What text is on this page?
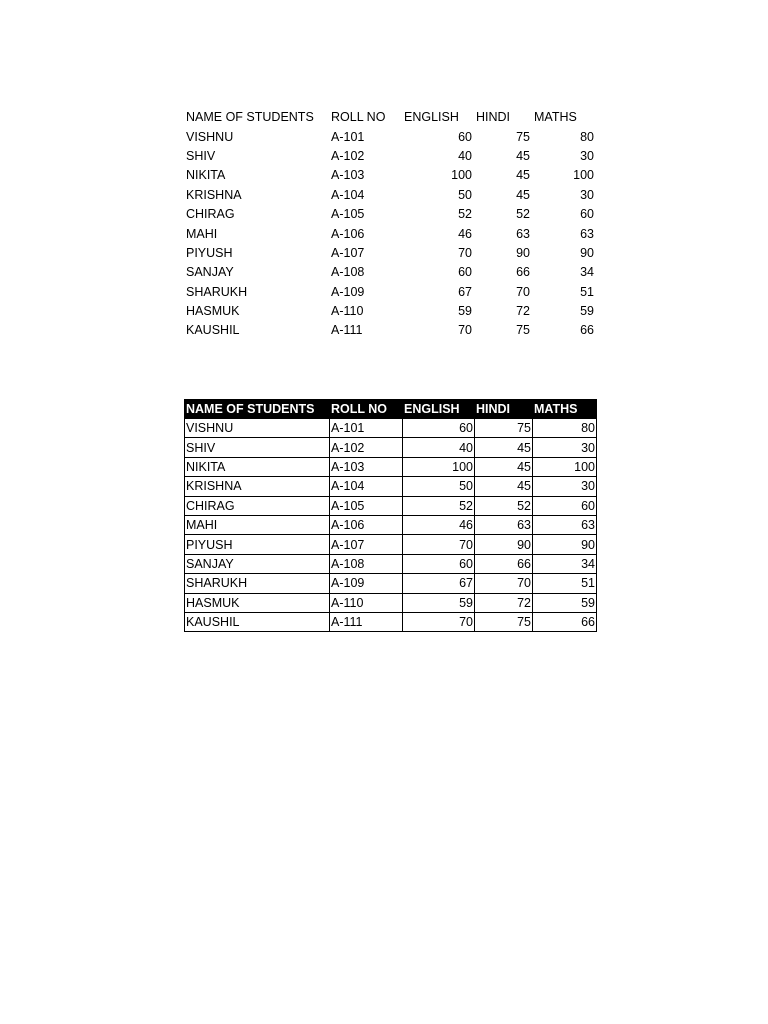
NAME OF STUDENTS	ROLL NO	ENGLISH	HINDI	MATHS
VISHNU	A-101	60	75	80
SHIV	A-102	40	45	30
NIKITA	A-103	100	45	100
KRISHNA	A-104	50	45	30
CHIRAG	A-105	52	52	60
MAHI	A-106	46	63	63
PIYUSH	A-107	70	90	90
SANJAY	A-108	60	66	34
SHARUKH	A-109	67	70	51
HASMUK	A-110	59	72	59
KAUSHIL	A-111	70	75	66
NAME OF STUDENTS	ROLL NO	ENGLISH	HINDI	MATHS
VISHNU	A-101	60	75	80
SHIV	A-102	40	45	30
NIKITA	A-103	100	45	100
KRISHNA	A-104	50	45	30
CHIRAG	A-105	52	52	60
MAHI	A-106	46	63	63
PIYUSH	A-107	70	90	90
SANJAY	A-108	60	66	34
SHARUKH	A-109	67	70	51
HASMUK	A-110	59	72	59
KAUSHIL	A-111	70	75	66
